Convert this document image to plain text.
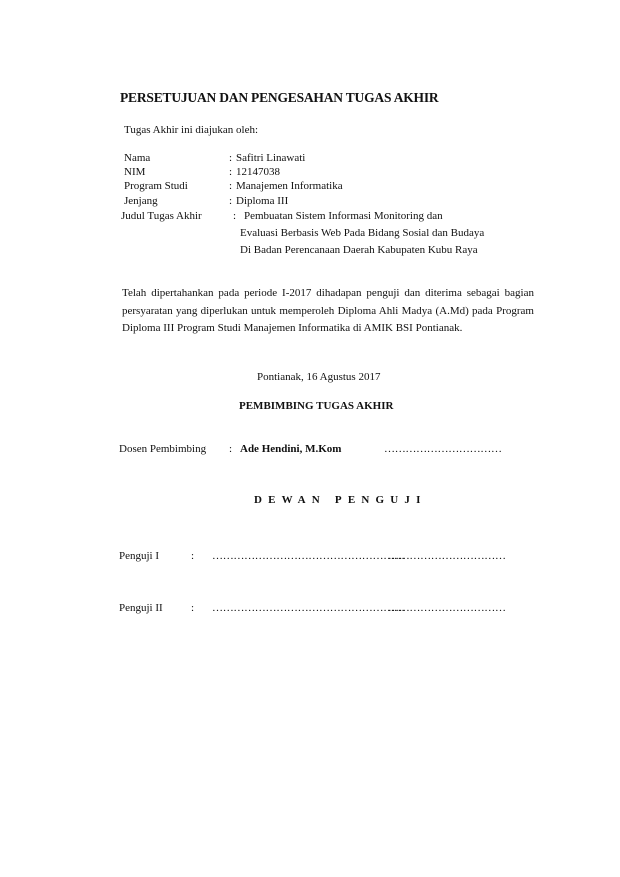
PERSETUJUAN DAN PENGESAHAN TUGAS AKHIR
Tugas Akhir ini diajukan oleh:
Nama	: Safitri Linawati
NIM	: 12147038
Program Studi	: Manajemen Informatika
Jenjang	: Diploma III
Judul Tugas Akhir	: Pembuatan Sistem Informasi Monitoring dan
Evaluasi Berbasis Web Pada Bidang Sosial dan Budaya
Di Badan Perencanaan Daerah Kabupaten Kubu Raya
Telah dipertahankan pada periode I-2017 dihadapan penguji dan diterima sebagai bagian persyaratan yang diperlukan untuk memperoleh Diploma Ahli Madya (A.Md) pada Program Diploma III Program Studi Manajemen Informatika di AMIK BSI Pontianak.
Pontianak, 16 Agustus 2017
PEMBIMBING TUGAS AKHIR
Dosen Pembimbing : Ade Hendini, M.Kom	……………………………
DEWAN PENGUJI
Penguji I	: ………………………………………………
……………………………
Penguji II	: ………………………………………………
……………………………
